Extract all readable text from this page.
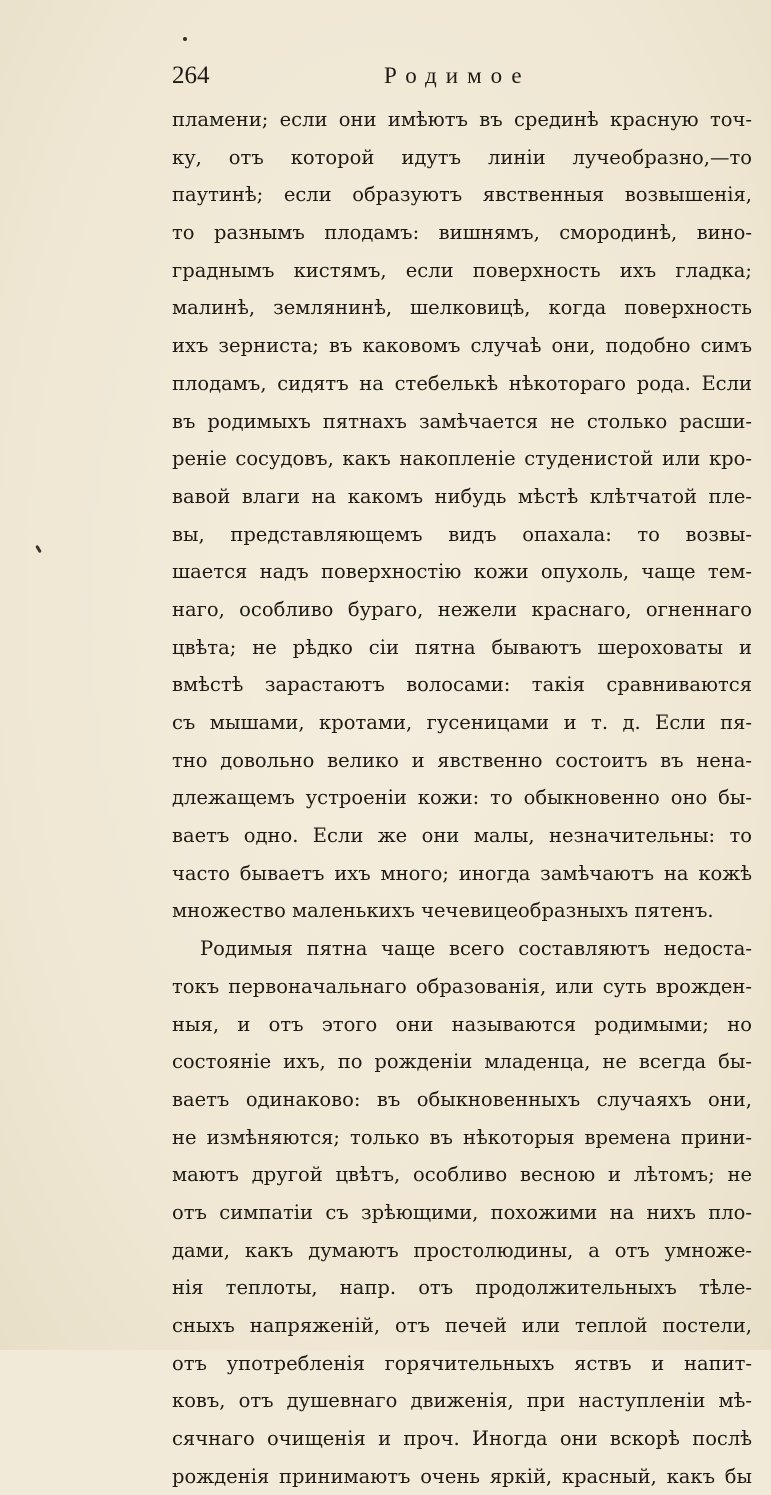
264	Родимое
пламени; если они имѣютъ въ срединѣ красную точ-
ку, отъ которой идутъ линіи лучеобразно,—то
паутинѣ; если образуютъ явственныя возвышенія,
то разнымъ плодамъ: вишнямъ, смородинѣ, вино-
граднымъ кистямъ, если поверхность ихъ гладка;
малинѣ, землянинѣ, шелковицѣ, когда поверхность
ихъ зерниста; въ каковомъ случаѣ они, подобно симъ
плодамъ, сидятъ на стебелькѣ нѣкотораго рода. Если
въ родимыхъ пятнахъ замѣчается не столько расши-
реніе сосудовъ, какъ накопленіе студенистой или кро-
вавой влаги на какомъ нибудь мѣстѣ клѣтчатой плe-
вы, представляющемъ видъ опахала: то возвы-
шается надъ поверхностію кожи опухоль, чаще тем-
наго, особливо бураго, нежели краснаго, огненнаго
цвѣта; не рѣдко сіи пятна бываютъ шероховаты и
вмѣстѣ зарастаютъ волосами: такія сравниваются
съ мышами, кротами, гусеницами и т. д. Если пя-
тно довольно велико и явственно состоитъ въ нена-
длежащемъ устроеніи кожи: то обыкновенно оно бы-
ваетъ одно. Если же они малы, незначительны: то
часто бываетъ ихъ много; иногда замѣчаютъ на кожѣ
множество маленькихъ чечевицеобразныхъ пятенъ.
Родимыя пятна чаще всего составляютъ недоста-
токъ первоначальнаго образованія, или суть врожден-
ныя, и отъ этого они называются родимыми; но
состояніе ихъ, по рожденіи младенца, не всегда бы-
ваетъ одинаково: въ обыкновенныхъ случаяхъ они,
не измѣняются; только въ нѣкоторыя времена прини-
маютъ другой цвѣтъ, особливо весною и лѣтомъ; не
отъ симпатіи съ зрѣющими, похожими на нихъ пло-
дами, какъ думаютъ простолюдины, а отъ умноже-
нія теплоты, напр. отъ продолжительныхъ тѣле-
сныхъ напряженій, отъ печей или теплой постели,
отъ употребленія горячительныхъ яствъ и напит-
ковъ, отъ душевнаго движенія, при наступленіи мѣ-
сячнаго очищенія и проч. Иногда они вскорѣ послѣ
рожденія принимаютъ очень яркій, красный, какъ бы
